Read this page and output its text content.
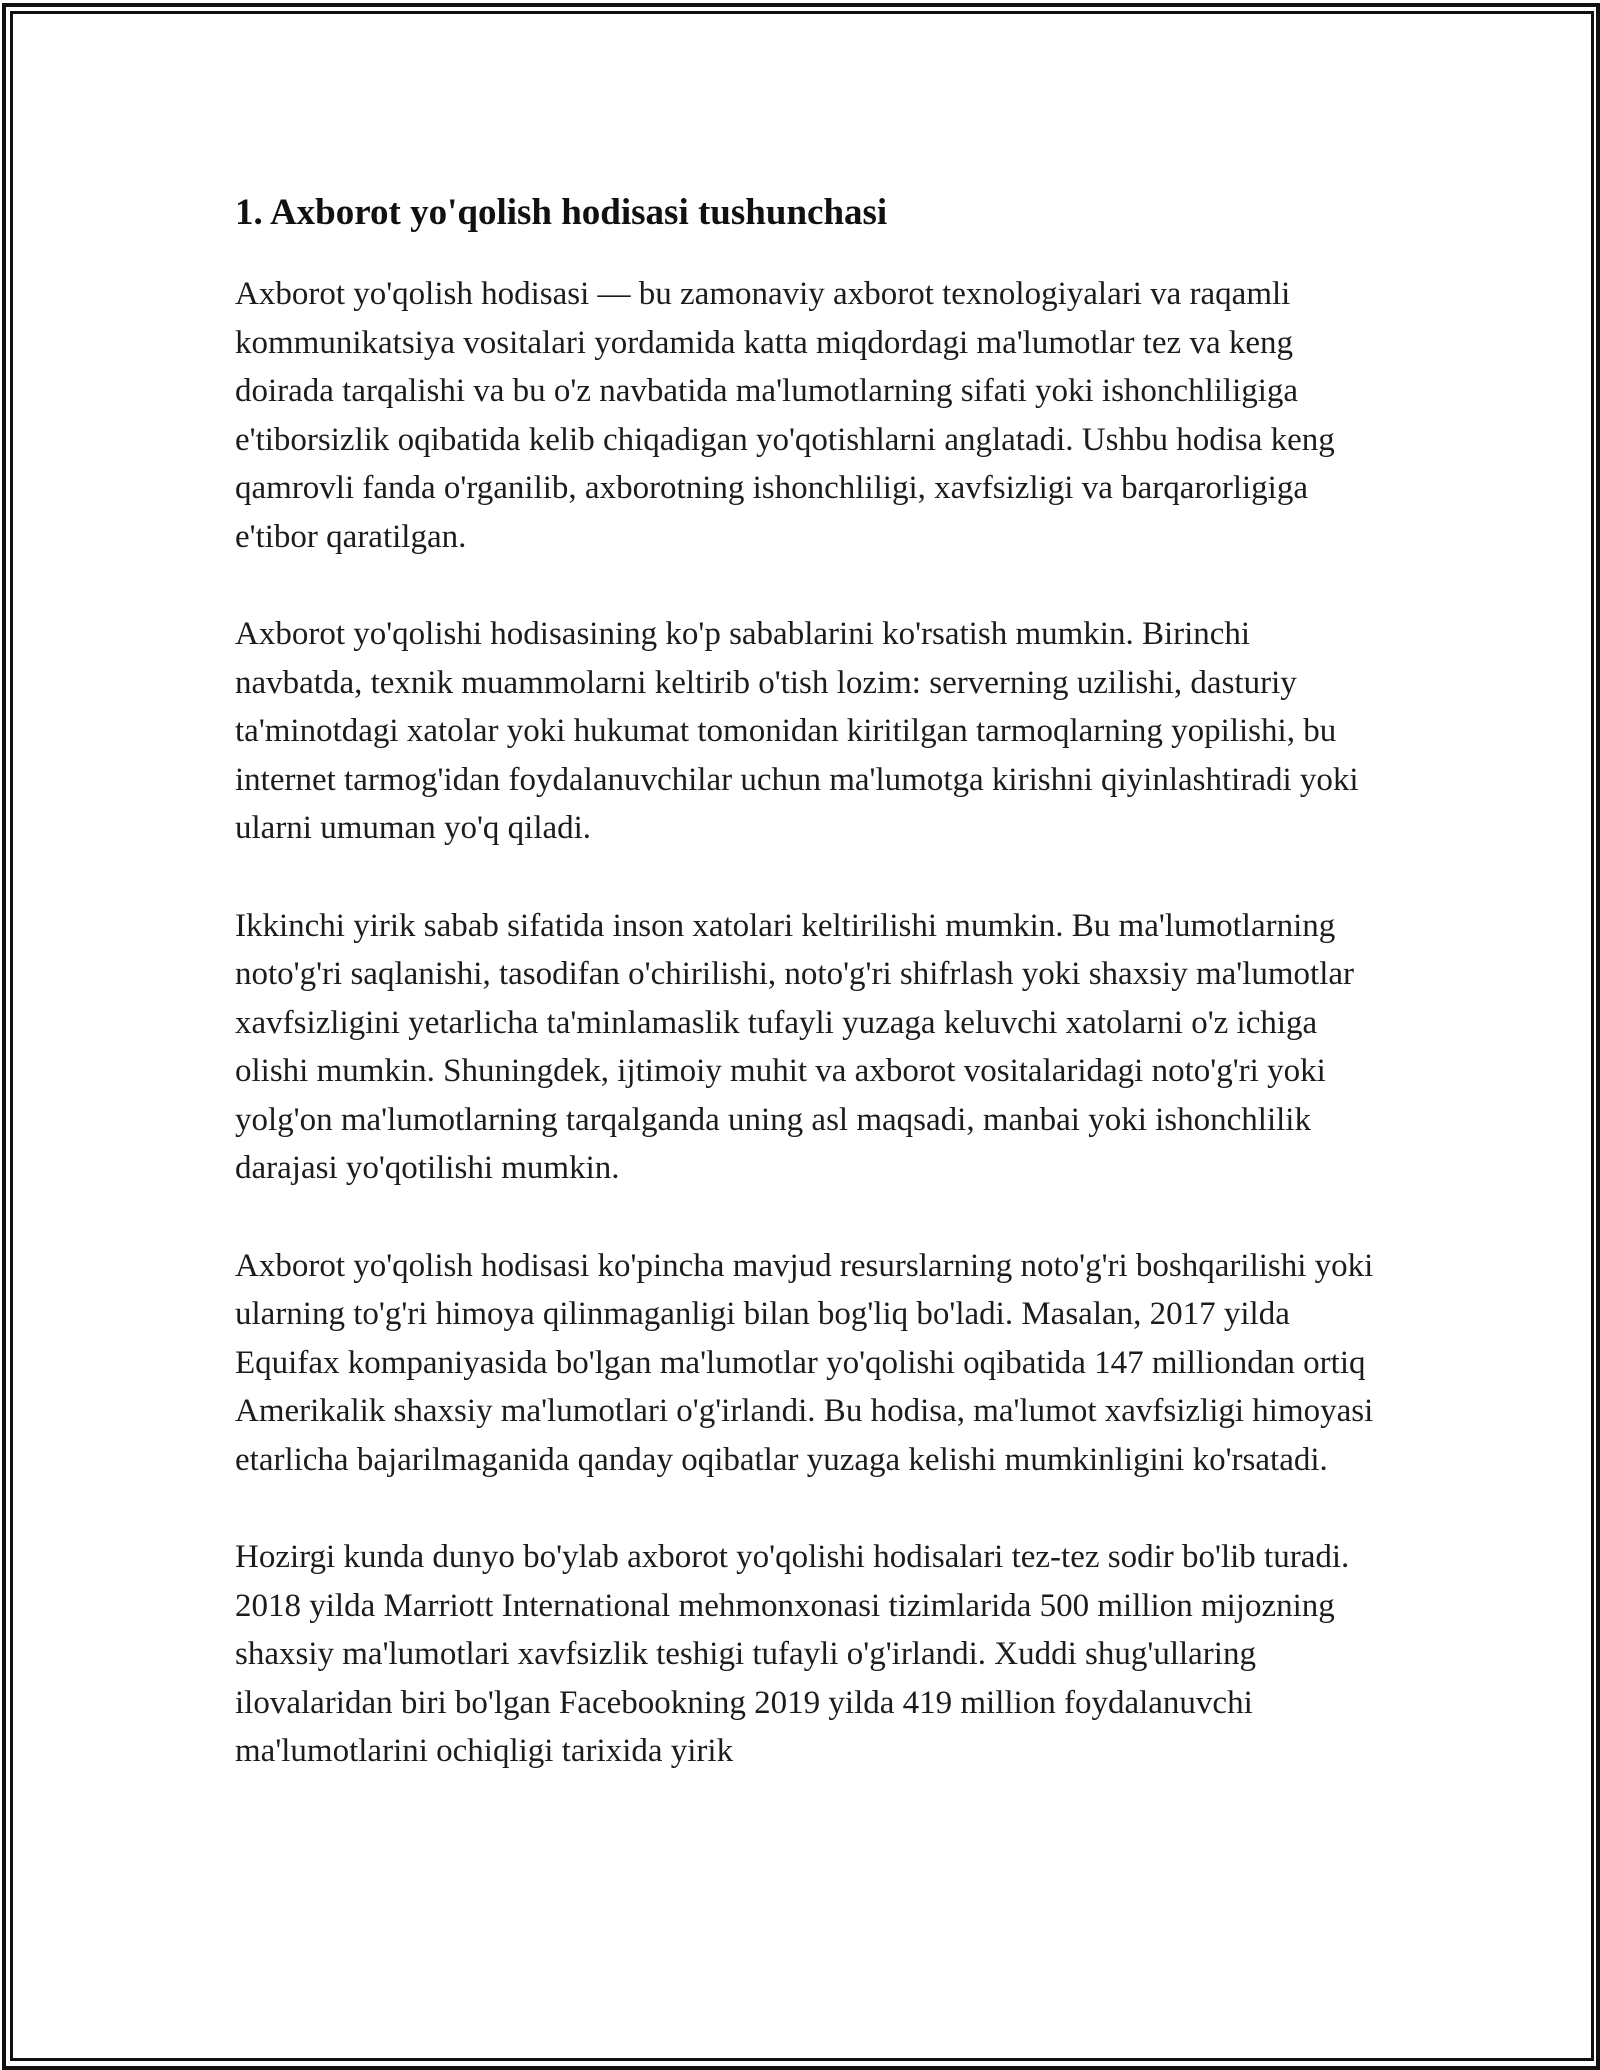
1. Axborot yo'qolish hodisasi tushunchasi

Axborot yo'qolish hodisasi — bu zamonaviy axborot texnologiyalari va raqamli kommunikatsiya vositalari yordamida katta miqdordagi ma'lumotlar tez va keng doirada tarqalishi va bu o'z navbatida ma'lumotlarning sifati yoki ishonchliligiga e'tiborsizlik oqibatida kelib chiqadigan yo'qotishlarni anglatadi. Ushbu hodisa keng qamrovli fanda o'rganilib, axborotning ishonchliligi, xavfsizligi va barqarorligiga e'tibor qaratilgan.

Axborot yo'qolishi hodisasining ko'p sabablarini ko'rsatish mumkin. Birinchi navbatda, texnik muammolarni keltirib o'tish lozim: serverning uzilishi, dasturiy ta'minotdagi xatolar yoki hukumat tomonidan kiritilgan tarmoqlarning yopilishi, bu internet tarmog'idan foydalanuvchilar uchun ma'lumotga kirishni qiyinlashtiradi yoki ularni umuman yo'q qiladi.

Ikkinchi yirik sabab sifatida inson xatolari keltirilishi mumkin. Bu ma'lumotlarning noto'g'ri saqlanishi, tasodifan o'chirilishi, noto'g'ri shifrlash yoki shaxsiy ma'lumotlar xavfsizligini yetarlicha ta'minlamaslik tufayli yuzaga keluvchi xatolarni o'z ichiga olishi mumkin. Shuningdek, ijtimoiy muhit va axborot vositalaridagi noto'g'ri yoki yolg'on ma'lumotlarning tarqalganda uning asl maqsadi, manbai yoki ishonchlilik darajasi yo'qotilishi mumkin.

Axborot yo'qolish hodisasi ko'pincha mavjud resurslarning noto'g'ri boshqarilishi yoki ularning to'g'ri himoya qilinmaganligi bilan bog'liq bo'ladi. Masalan, 2017 yilda Equifax kompaniyasida bo'lgan ma'lumotlar yo'qolishi oqibatida 147 milliondan ortiq Amerikalik shaxsiy ma'lumotlari o'g'irlandi. Bu hodisa, ma'lumot xavfsizligi himoyasi etarlicha bajarilmaganida qanday oqibatlar yuzaga kelishi mumkinligini ko'rsatadi.

Hozirgi kunda dunyo bo'ylab axborot yo'qolishi hodisalari tez-tez sodir bo'lib turadi. 2018 yilda Marriott International mehmonxonasi tizimlarida 500 million mijozning shaxsiy ma'lumotlari xavfsizlik teshigi tufayli o'g'irlandi. Xuddi shug'ullaring ilovalaridan biri bo'lgan Facebookning 2019 yilda 419 million foydalanuvchi ma'lumotlarini ochiqligi tarixida yirik
